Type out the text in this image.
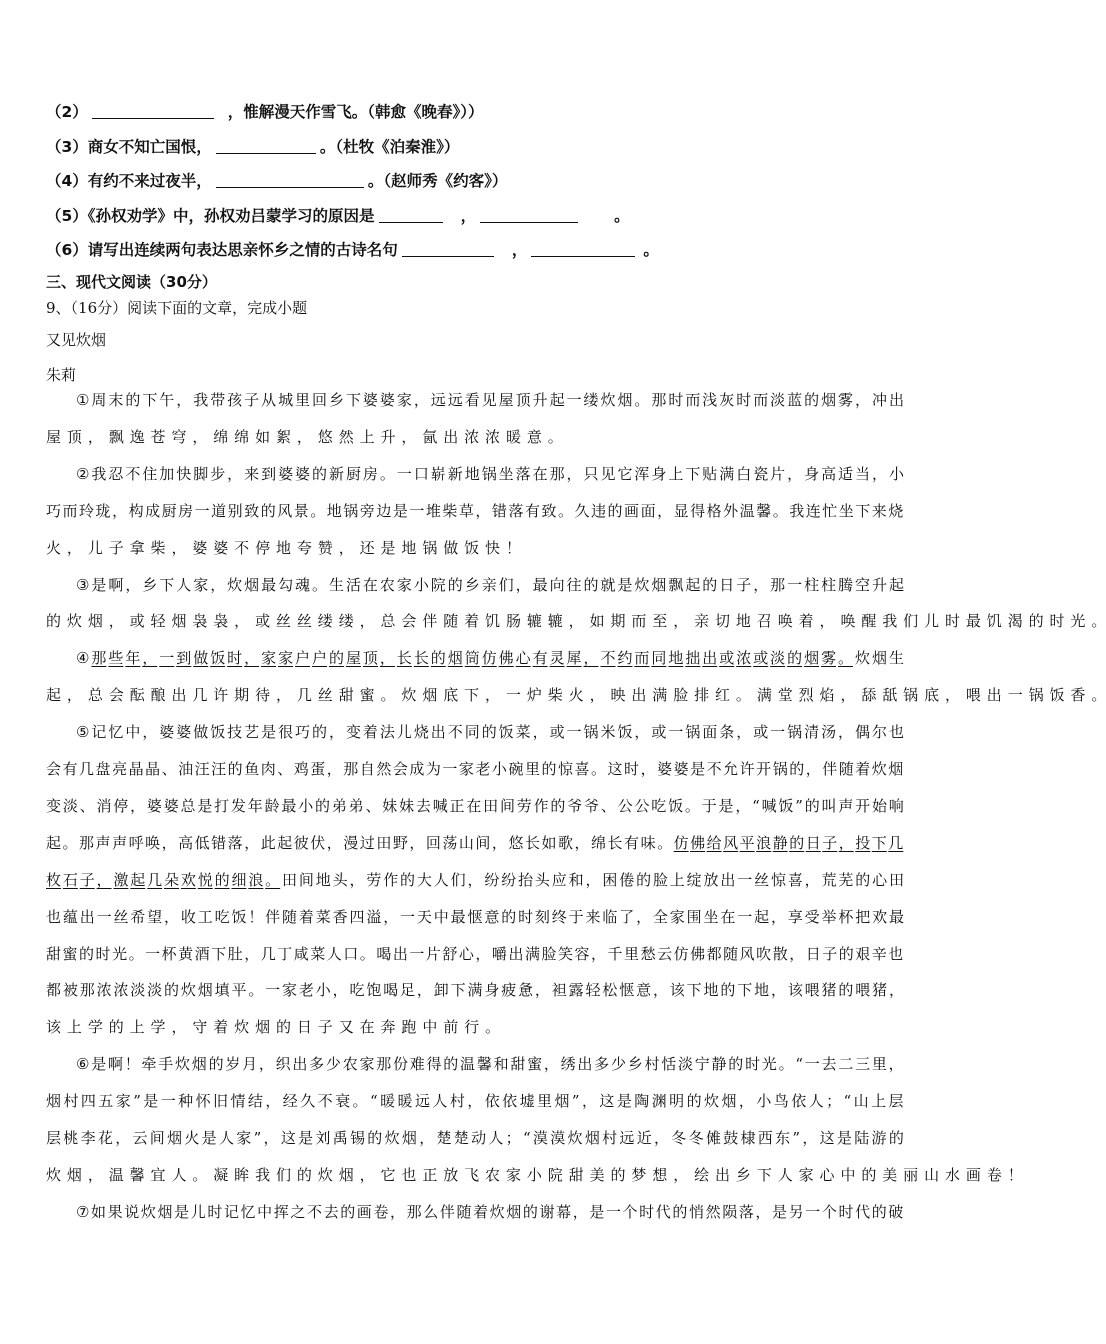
（2）	，惟解漫天作雪飞。（韩愈《晚春》））
（3）商女不知亡国恨，	。（杜牧《泊秦淮》）
（4）有约不来过夜半，	。（赵师秀《约客》）
（5）《孙权劝学》中，孙权劝吕蒙学习的原因是	，	。
（6）请写出连续两句表达思亲怀乡之情的古诗名句	，	。
三、现代文阅读（30分）
9、（16分）阅读下面的文章，完成小题
又见炊烟
朱莉
① 周 末 的 下 午 ， 我 带 孩 子 从 城 里 回 乡 下 婆 婆 家 ， 远 远 看 见 屋 顶 升 起 一 缕 炊 烟 。 那 时 而 浅 灰 时 而 淡 蓝 的 烟 雾 ， 冲 出
屋 顶 ， 飘 逸 苍 穹 ， 绵 绵 如 絮 ， 悠 然 上 升 ， 氤 出 浓 浓 暖 意 。
② 我 忍 不 住 加 快 脚 步 ， 来 到 婆 婆 的 新 厨 房 。 一 口 崭 新 地 锅 坐 落 在 那 ， 只 见 它 浑 身 上 下 贴 满 白 瓷 片 ， 身 高 适 当 ， 小
巧 而 玲 珑 ， 构 成 厨 房 一 道 别 致 的 风 景 。 地 锅 旁 边 是 一 堆 柴 草 ， 错 落 有 致 。 久 违 的 画 面 ， 显 得 格 外 温 馨 。 我 连 忙 坐 下 来 烧
火 ， 儿 子 拿 柴 ， 婆 婆 不 停 地 夸 赞 ， 还 是 地 锅 做 饭 快 ！
③ 是 啊 ， 乡 下 人 家 ， 炊 烟 最 勾 魂 。 生 活 在 农 家 小 院 的 乡 亲 们 ， 最 向 往 的 就 是 炊 烟 飘 起 的 日 子 ， 那 一 柱 柱 腾 空 升 起
的 炊 烟 ， 或 轻 烟 袅 袅 ， 或 丝 丝 缕 缕 ， 总 会 伴 随 着 饥 肠 辘 辘 ， 如 期 而 至 ， 亲 切 地 召 唤 着 ， 唤 醒 我 们 儿 时 最 饥 渴 的 时 光 。
④ 那 些 年 ， 一 到 做 饭 时 ， 家 家 户 户 的 屋 顶 ， 长 长 的 烟 筒 仿 佛 心 有 灵 犀 ， 不 约 而 同 地 拙 出 或 浓 或 淡 的 烟 雾 。 炊 烟 生
起 ， 总 会 酝 酿 出 几 许 期 待 ， 几 丝 甜 蜜 。 炊 烟 底 下 ， 一 炉 柴 火 ， 映 出 满 脸 排 红 。 满 堂 烈 焰 ， 舔 舐 锅 底 ， 喂 出 一 锅 饭 香 。
⑤ 记 忆 中 ， 婆 婆 做 饭 技 艺 是 很 巧 的 ， 变 着 法 儿 烧 出 不 同 的 饭 菜 ， 或 一 锅 米 饭 ， 或 一 锅 面 条 ， 或 一 锅 清 汤 ， 偶 尔 也
会 有 几 盘 亮 晶 晶 、 油 汪 汪 的 鱼 肉 、 鸡 蛋 ， 那 自 然 会 成 为 一 家 老 小 碗 里 的 惊 喜 。 这 时 ， 婆 婆 是 不 允 许 开 锅 的 ， 伴 随 着 炊 烟
变 淡 、 消 停 ， 婆 婆 总 是 打 发 年 龄 最 小 的 弟 弟 、 妹 妹 去 喊 正 在 田 间 劳 作 的 爷 爷 、 公 公 吃 饭 。 于 是 ， “ 喊 饭 ” 的 叫 声 开 始 响
起 。 那 声 声 呼 唤 ， 高 低 错 落 ， 此 起 彼 伏 ， 漫 过 田 野 ， 回 荡 山 间 ， 悠 长 如 歌 ， 绵 长 有 味 。 仿 佛 给 风 平 浪 静 的 日 子 ， 投 下 几
枚 石 子 ， 激 起 几 朵 欢 悦 的 细 浪 。 田 间 地 头 ， 劳 作 的 大 人 们 ， 纷 纷 抬 头 应 和 ， 困 倦 的 脸 上 绽 放 出 一 丝 惊 喜 ， 荒 芜 的 心 田
也 蕴 出 一 丝 希 望 ， 收 工 吃 饭 ！ 伴 随 着 菜 香 四 溢 ， 一 天 中 最 惬 意 的 时 刻 终 于 来 临 了 ， 全 家 围 坐 在 一 起 ， 享 受 举 杯 把 欢 最
甜 蜜 的 时 光 。 一 杯 黄 酒 下 肚 ， 几 丁 咸 菜 人 口 。 喝 出 一 片 舒 心 ， 嚼 出 满 脸 笑 容 ， 千 里 愁 云 仿 佛 都 随 风 吹 散 ， 日 子 的 艰 辛 也
都 被 那 浓 浓 淡 淡 的 炊 烟 填 平 。 一 家 老 小 ， 吃 饱 喝 足 ， 卸 下 满 身 疲 惫 ， 袒 露 轻 松 惬 意 ， 该 下 地 的 下 地 ， 该 喂 猪 的 喂 猪 ，
该 上 学 的 上 学 ， 守 着 炊 烟 的 日 子 又 在 奔 跑 中 前 行 。
⑥ 是 啊 ！ 牵 手 炊 烟 的 岁 月 ， 织 出 多 少 农 家 那 份 难 得 的 温 馨 和 甜 蜜 ， 绣 出 多 少 乡 村 恬 淡 宁 静 的 时 光 。 “ 一 去 二 三 里 ，
烟 村 四 五 家 ” 是 一 种 怀 旧 情 结 ， 经 久 不 衰 。 “ 暖 暖 远 人 村 ， 依 依 墟 里 烟 ” ， 这 是 陶 渊 明 的 炊 烟 ， 小 鸟 依 人 ； “ 山 上 层
层 桃 李 花 ， 云 间 烟 火 是 人 家 ” ， 这 是 刘 禹 锡 的 炊 烟 ， 楚 楚 动 人 ； “ 漠 漠 炊 烟 村 远 近 ， 冬 冬 傩 鼓 棣 西 东 ” ， 这 是 陆 游 的
炊 烟 ， 温 馨 宜 人 。 凝 眸 我 们 的 炊 烟 ， 它 也 正 放 飞 农 家 小 院 甜 美 的 梦 想 ， 绘 出 乡 下 人 家 心 中 的 美 丽 山 水 画 卷 ！
⑦ 如 果 说 炊 烟 是 儿 时 记 忆 中 挥 之 不 去 的 画 卷 ， 那 么 伴 随 着 炊 烟 的 谢 幕 ， 是 一 个 时 代 的 悄 然 陨 落 ， 是 另 一 个 时 代 的 破
